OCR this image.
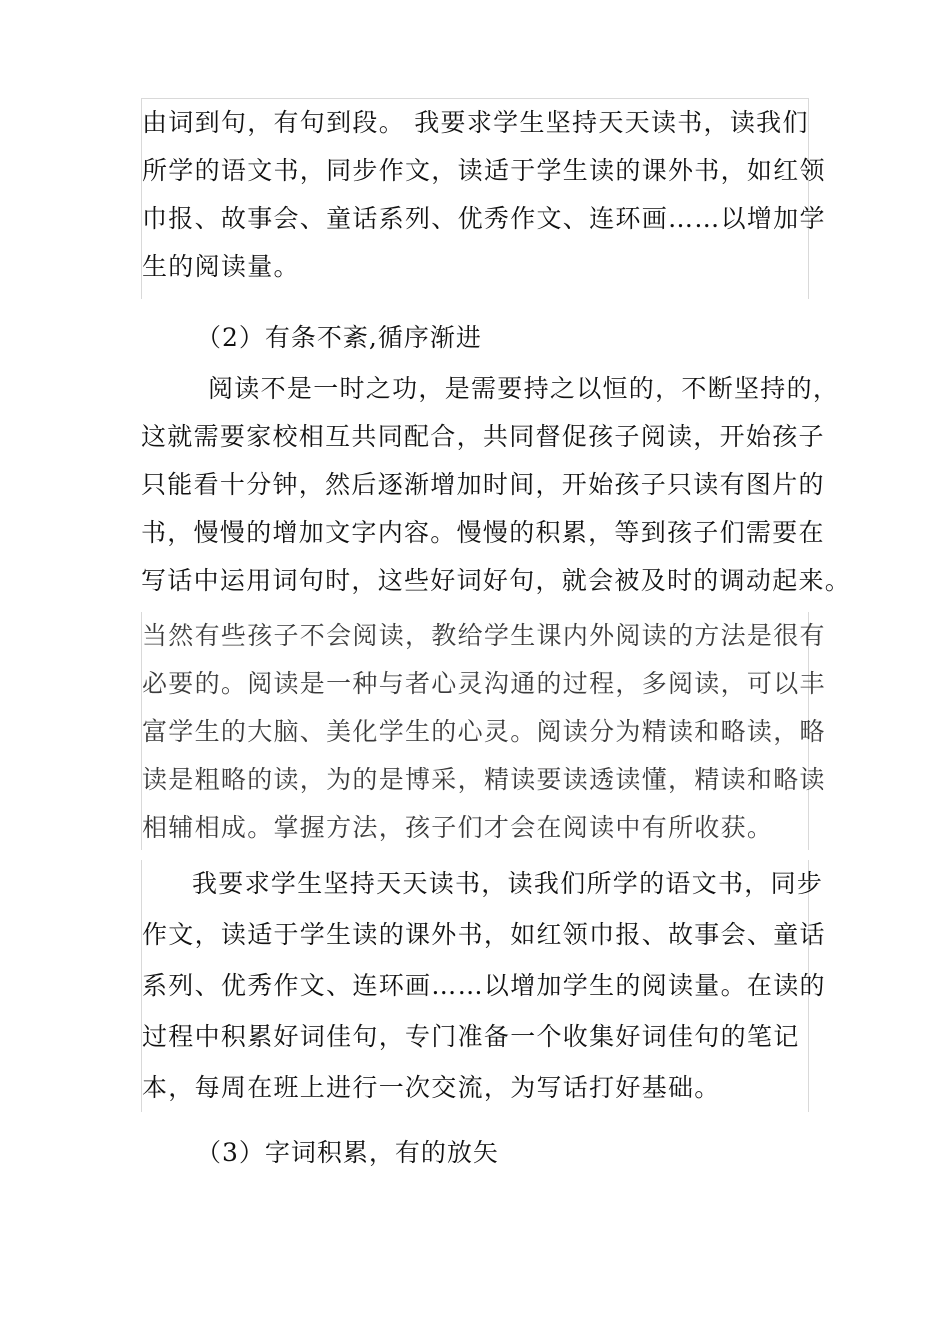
由词到句，有句到段。 我要求学生坚持天天读书，读我们
所学的语文书，同步作文，读适于学生读的课外书，如红领
巾报、故事会、童话系列、优秀作文、连环画……以增加学
生的阅读量。
（2）有条不紊,循序渐进
阅读不是一时之功，是需要持之以恒的，不断坚持的，
这就需要家校相互共同配合，共同督促孩子阅读，开始孩子
只能看十分钟，然后逐渐增加时间，开始孩子只读有图片的
书，慢慢的增加文字内容。慢慢的积累，等到孩子们需要在
写话中运用词句时，这些好词好句，就会被及时的调动起来。
当然有些孩子不会阅读，教给学生课内外阅读的方法是很有
必要的。阅读是一种与者心灵沟通的过程，多阅读，可以丰
富学生的大脑、美化学生的心灵。阅读分为精读和略读，略
读是粗略的读，为的是博采，精读要读透读懂，精读和略读
相辅相成。掌握方法，孩子们才会在阅读中有所收获。
我要求学生坚持天天读书，读我们所学的语文书，同步
作文，读适于学生读的课外书，如红领巾报、故事会、童话
系列、优秀作文、连环画……以增加学生的阅读量。在读的
过程中积累好词佳句，专门准备一个收集好词佳句的笔记
本，每周在班上进行一次交流，为写话打好基础。
（3）字词积累，有的放矢
